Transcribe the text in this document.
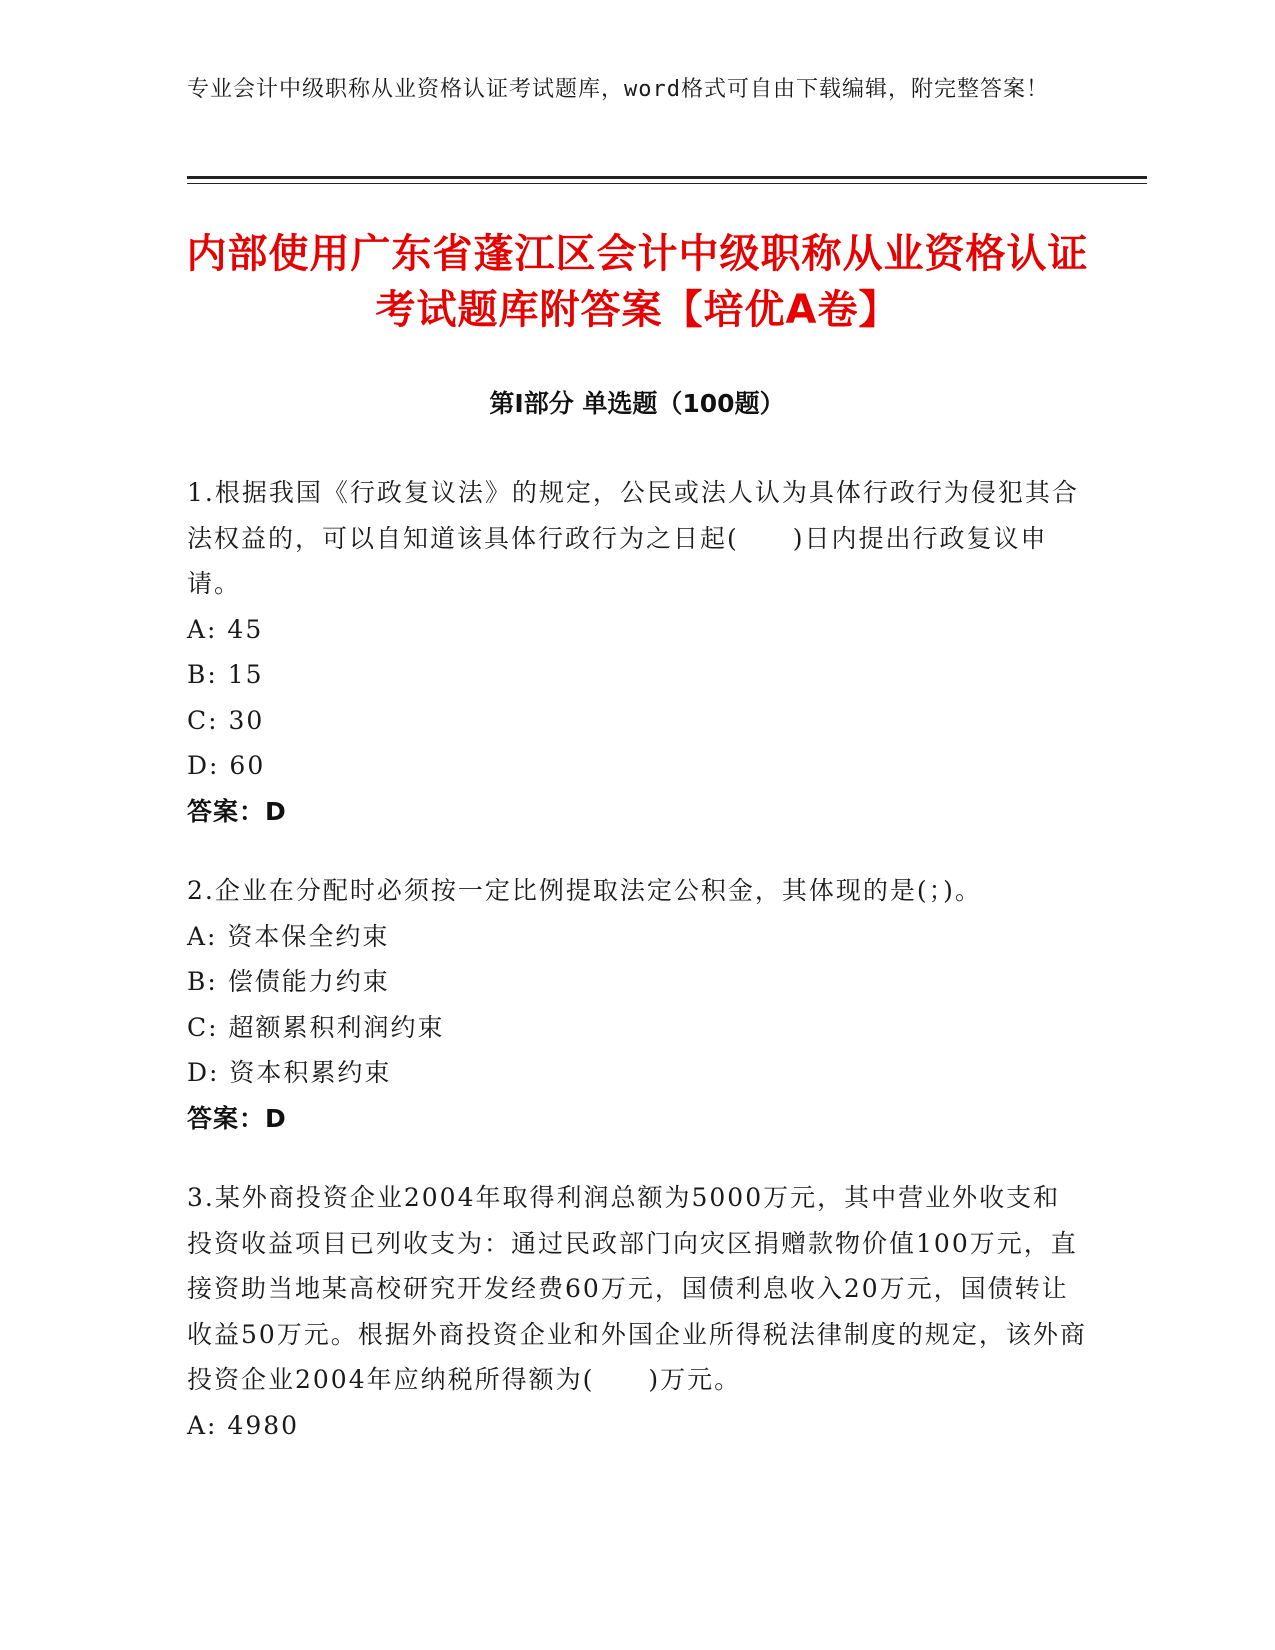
专业会计中级职称从业资格认证考试题库，word格式可自由下载编辑，附完整答案！
内部使用广东省蓬江区会计中级职称从业资格认证考试题库附答案【培优A卷】
第I部分 单选题（100题）
1.根据我国《行政复议法》的规定，公民或法人认为具体行政行为侵犯其合法权益的，可以自知道该具体行政行为之日起(　　)日内提出行政复议申请。
A: 45
B: 15
C: 30
D: 60
答案：D
2.企业在分配时必须按一定比例提取法定公积金，其体现的是(；)。
A: 资本保全约束
B: 偿债能力约束
C: 超额累积利润约束
D: 资本积累约束
答案：D
3.某外商投资企业2004年取得利润总额为5000万元，其中营业外收支和投资收益项目已列收支为：通过民政部门向灾区捐赠款物价值100万元，直接资助当地某高校研究开发经费60万元，国债利息收入20万元，国债转让收益50万元。根据外商投资企业和外国企业所得税法律制度的规定，该外商投资企业2004年应纳税所得额为(　　)万元。
A: 4980
